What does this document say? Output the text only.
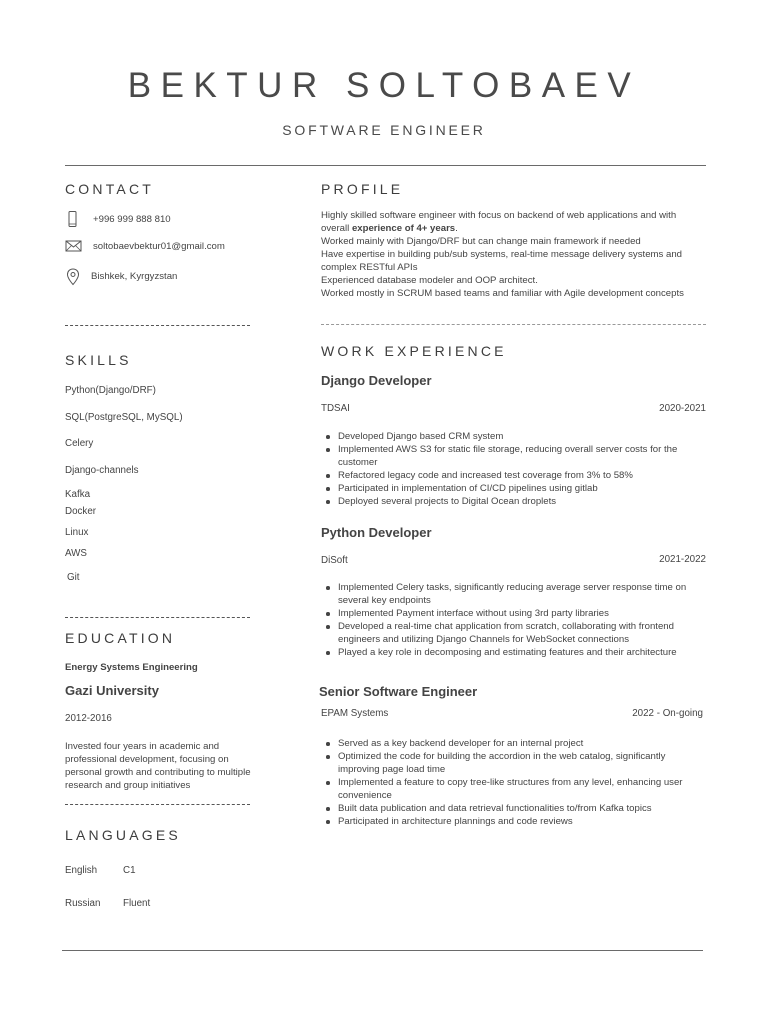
BEKTUR SOLTOBAEV
SOFTWARE ENGINEER
CONTACT
+996 999 888 810
soltobaevbektur01@gmail.com
Bishkek, Kyrgyzstan
SKILLS
Python(Django/DRF)
SQL(PostgreSQL, MySQL)
Celery
Django-channels
Kafka
Docker
Linux
AWS
Git
EDUCATION
Energy Systems Engineering
Gazi University
2012-2016
Invested four years in academic and professional development, focusing on personal growth and contributing to multiple research and group initiatives
LANGUAGES
English	C1
Russian	Fluent
PROFILE
Highly skilled software engineer with focus on backend of web applications and with overall experience of 4+ years.
Worked mainly with Django/DRF but can change main framework if needed
Have expertise in building pub/sub systems, real-time message delivery systems and complex RESTful APIs
Experienced database modeler and OOP architect.
Worked mostly in SCRUM based teams and familiar with Agile development concepts
WORK EXPERIENCE
Django Developer
TDSAI	2020-2021
Developed Django based CRM system
Implemented AWS S3 for static file storage, reducing overall server costs for the customer
Refactored legacy code and increased test coverage from 3% to 58%
Participated in implementation of CI/CD pipelines using gitlab
Deployed several projects to Digital Ocean droplets
Python Developer
DiSoft	2021-2022
Implemented Celery tasks, significantly reducing average server response time on several key endpoints
Implemented Payment interface without using 3rd party libraries
Developed a real-time chat application from scratch, collaborating with frontend engineers and utilizing Django Channels for WebSocket connections
Played a key role in decomposing and estimating features and their architecture
Senior Software Engineer
EPAM Systems	2022 - On-going
Served as a key backend developer for an internal project
Optimized the code for building the accordion in the web catalog, significantly improving page load time
Implemented a feature to copy tree-like structures from any level, enhancing user convenience
Built data publication and data retrieval functionalities to/from Kafka topics
Participated in architecture plannings and code reviews
